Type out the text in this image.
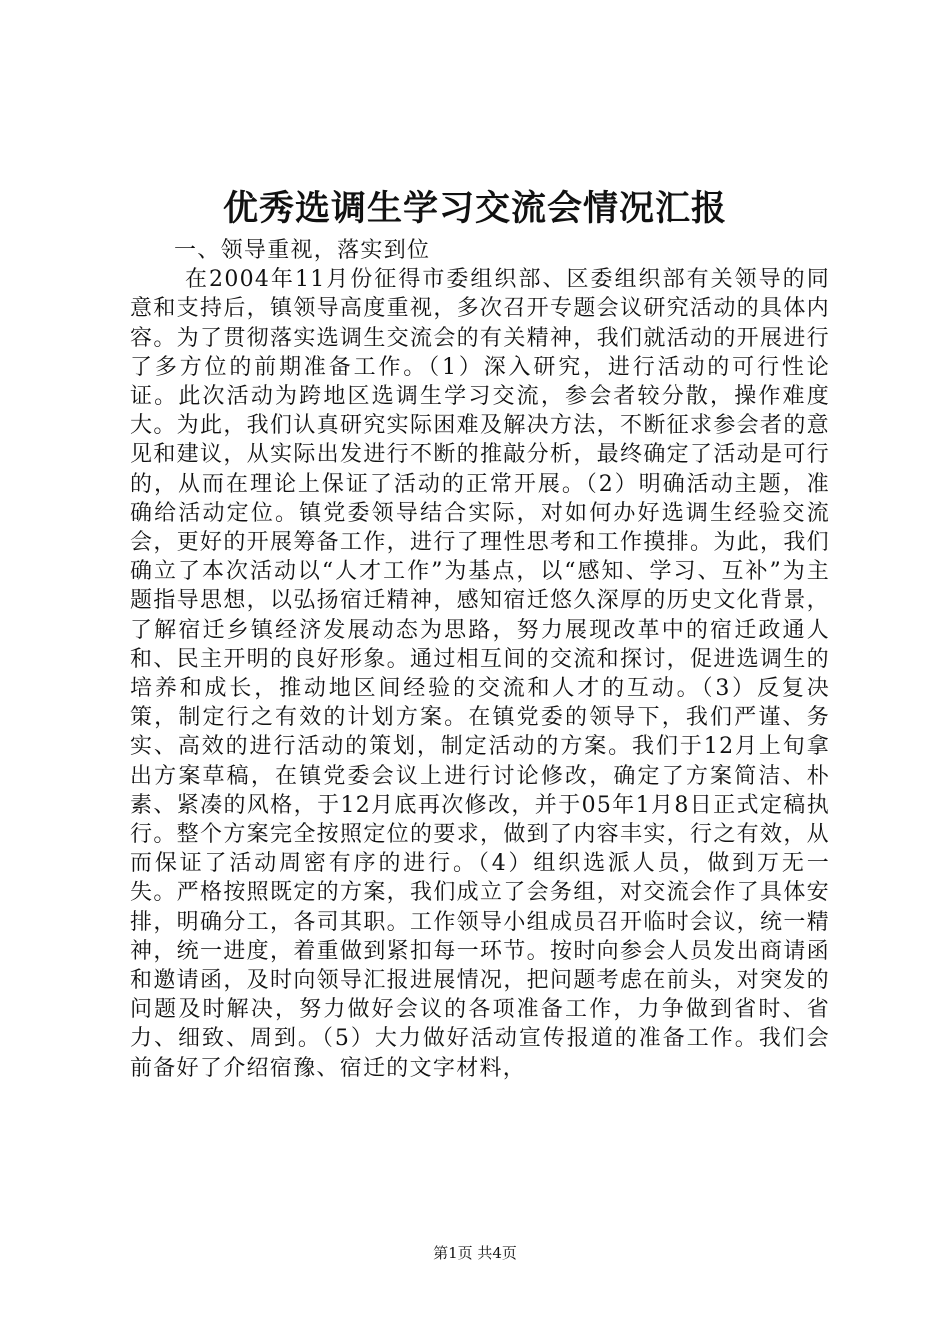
优秀选调生学习交流会情况汇报

一、领导重视，落实到位

在2004年11月份征得市委组织部、区委组织部有关领导的同意和支持后，镇领导高度重视，多次召开专题会议研究活动的具体内容。为了贯彻落实选调生交流会的有关精神，我们就活动的开展进行了多方位的前期准备工作。（1）深入研究，进行活动的可行性论证。此次活动为跨地区选调生学习交流，参会者较分散，操作难度大。为此，我们认真研究实际困难及解决方法，不断征求参会者的意见和建议，从实际出发进行不断的推敲分析，最终确定了活动是可行的，从而在理论上保证了活动的正常开展。（2）明确活动主题，准确给活动定位。镇党委领导结合实际，对如何办好选调生经验交流会，更好的开展筹备工作，进行了理性思考和工作摸排。为此，我们确立了本次活动以“人才工作”为基点，以“感知、学习、互补”为主题指导思想，以弘扬宿迁精神，感知宿迁悠久深厚的历史文化背景，了解宿迁乡镇经济发展动态为思路，努力展现改革中的宿迁政通人和、民主开明的良好形象。通过相互间的交流和探讨，促进选调生的培养和成长，推动地区间经验的交流和人才的互动。（3）反复决策，制定行之有效的计划方案。在镇党委的领导下，我们严谨、务实、高效的进行活动的策划，制定活动的方案。我们于12月上旬拿出方案草稿，在镇党委会议上进行讨论修改，确定了方案简洁、朴素、紧凑的风格，于12月底再次修改，并于05年1月8日正式定稿执行。整个方案完全按照定位的要求，做到了内容丰实，行之有效，从而保证了活动周密有序的进行。（4）组织选派人员，做到万无一失。严格按照既定的方案，我们成立了会务组，对交流会作了具体安排，明确分工，各司其职。工作领导小组成员召开临时会议，统一精神，统一进度，着重做到紧扣每一环节。按时向参会人员发出商请函和邀请函，及时向领导汇报进展情况，把问题考虑在前头，对突发的问题及时解决，努力做好会议的各项准备工作，力争做到省时、省力、细致、周到。（5）大力做好活动宣传报道的准备工作。我们会前备好了介绍宿豫、宿迁的文字材料，

第1页 共4页
